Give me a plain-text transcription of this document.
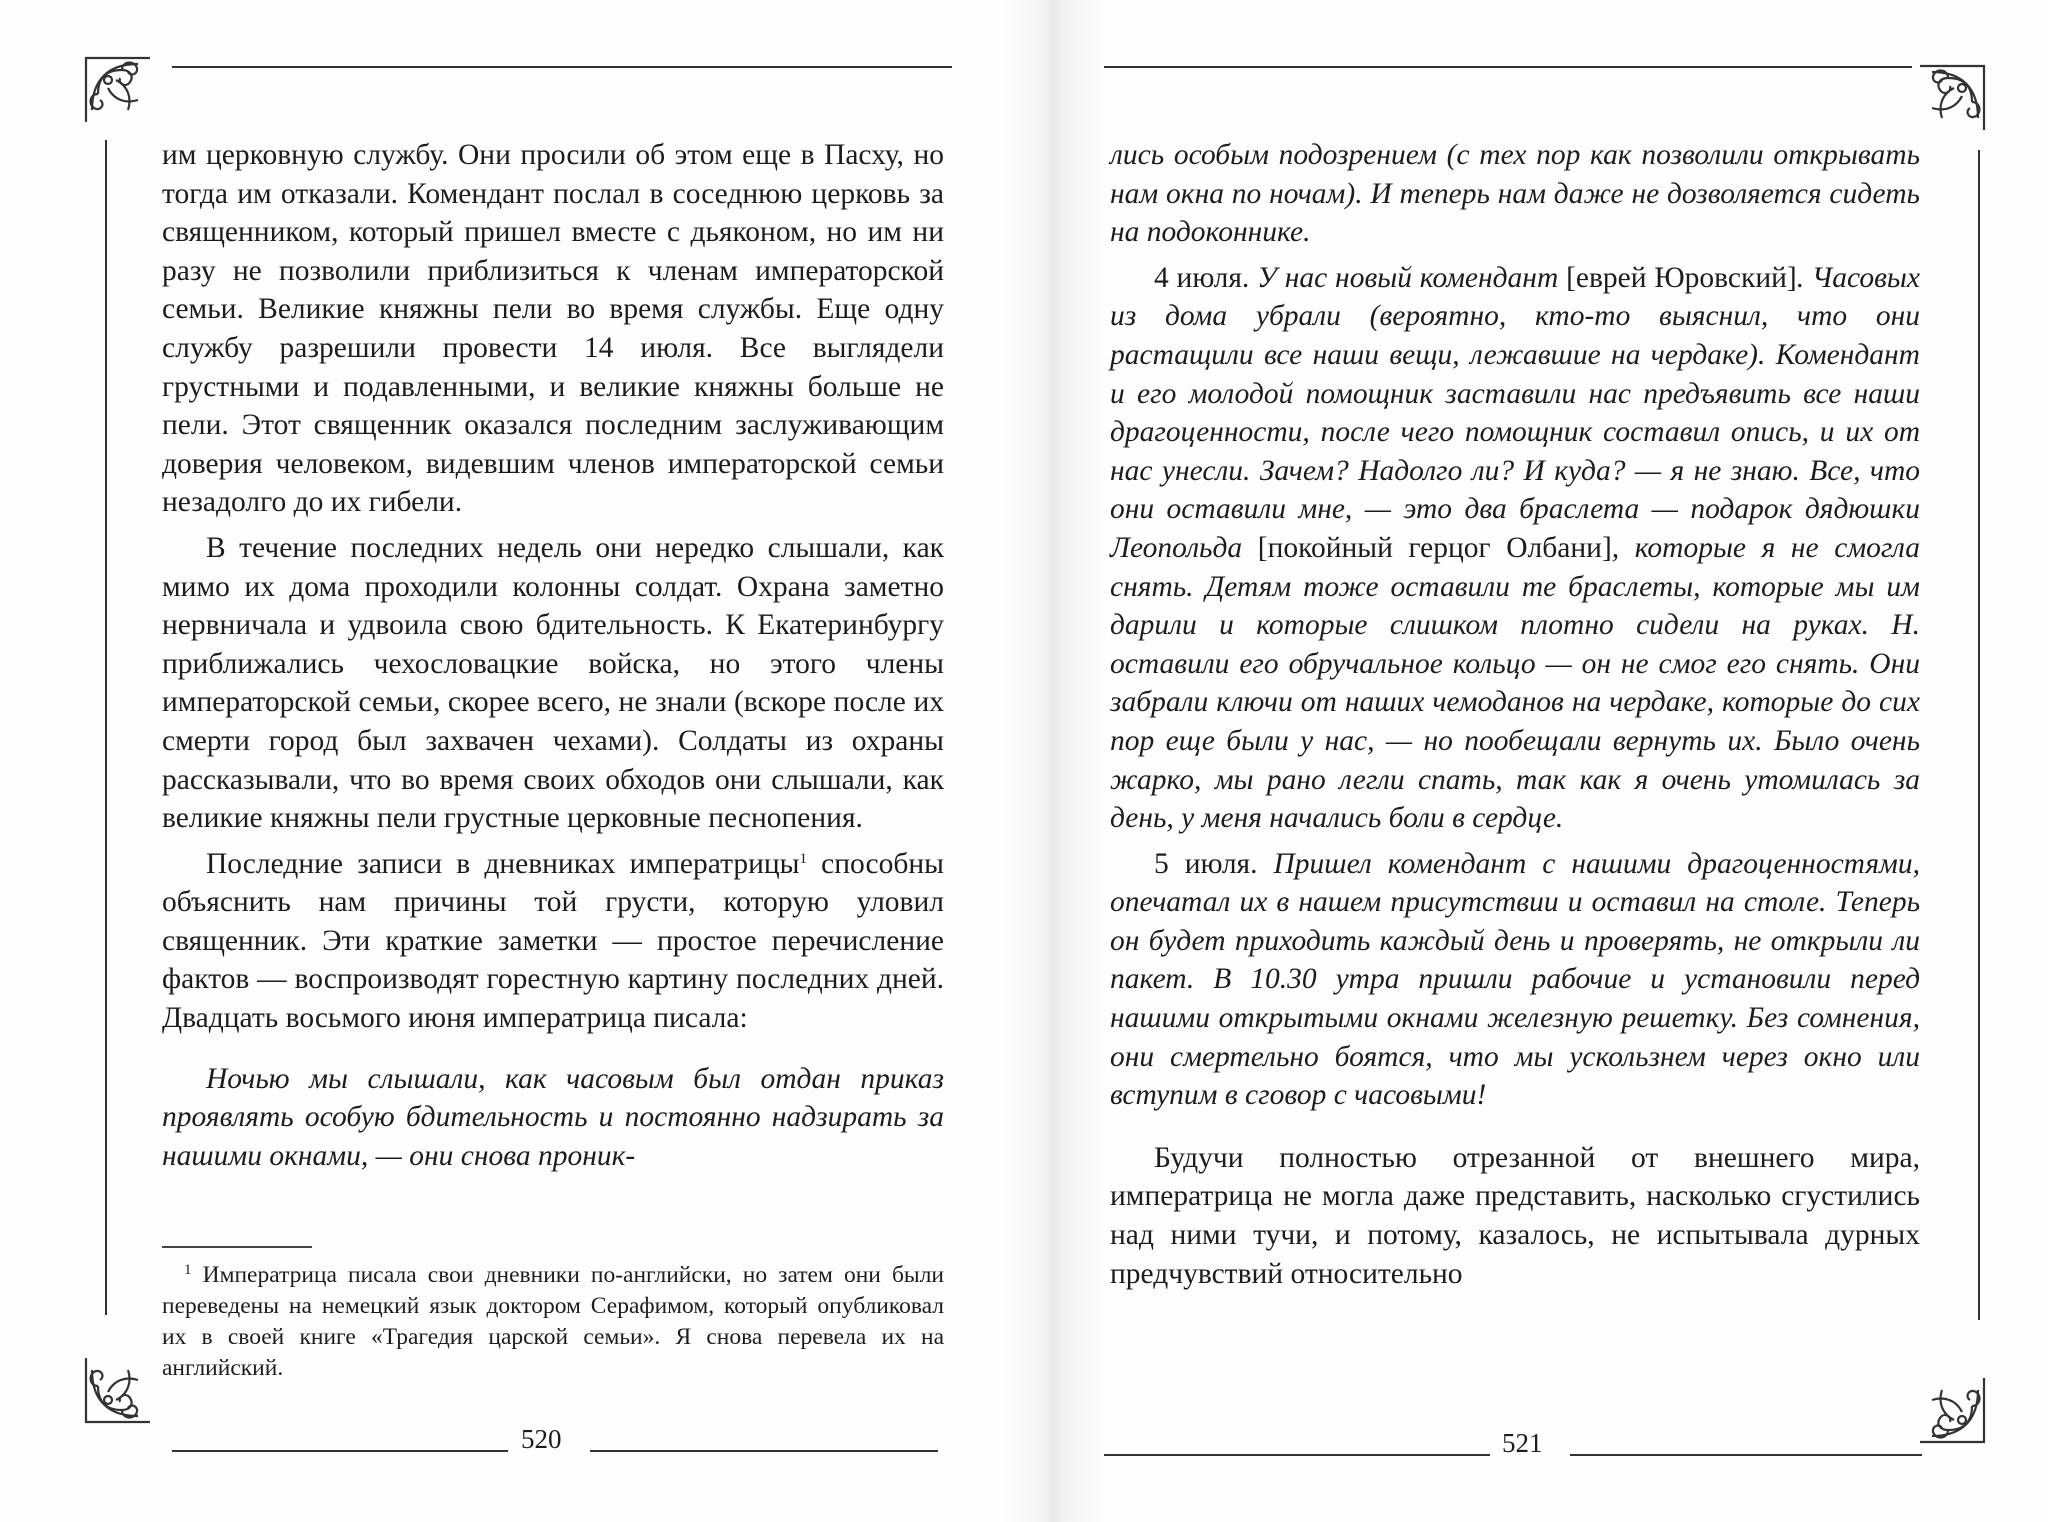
им церковную службу. Они просили об этом еще в Пасху, но тогда им отказали. Комендант послал в соседнюю церковь за священником, который пришел вместе с дьяконом, но им ни разу не позволили приблизиться к членам императорской семьи. Великие княжны пели во время службы. Еще одну службу разрешили провести 14 июля. Все выглядели грустными и подавленными, и великие княжны больше не пели. Этот священник оказался последним заслуживающим доверия человеком, видевшим членов императорской семьи незадолго до их гибели.

В течение последних недель они нередко слышали, как мимо их дома проходили колонны солдат. Охрана заметно нервничала и удвоила свою бдительность. К Екатеринбургу приближались чехословацкие войска, но этого члены императорской семьи, скорее всего, не знали (вскоре после их смерти город был захвачен чехами). Солдаты из охраны рассказывали, что во время своих обходов они слышали, как великие княжны пели грустные церковные песнопения.

Последние записи в дневниках императрицы$^1$ способны объяснить нам причины той грусти, которую уловил священник. Эти краткие заметки — простое перечисление фактов — воспроизводят горестную картину последних дней. Двадцать восьмого июня императрица писала:

Ночью мы слышали, как часовым был отдан приказ проявлять особую бдительность и постоянно надзирать за нашими окнами, — они снова проник-

$^1$ Императрица писала свои дневники по-английски, но затем они были переведены на немецкий язык доктором Серафимом, который опубликовал их в своей книге «Трагедия царской семьи». Я снова перевела их на английский.
520

лись особым подозрением (с тех пор как позволили открывать нам окна по ночам). И теперь нам даже не дозволяется сидеть на подоконнике.

4 июля. У нас новый комендант [еврей Юровский]. Часовых из дома убрали (вероятно, кто-то выяснил, что они растащили все наши вещи, лежавшие на чердаке). Комендант и его молодой помощник заставили нас предъявить все наши драгоценности, после чего помощник составил опись, и их от нас унесли. Зачем? Надолго ли? И куда? — я не знаю. Все, что они оставили мне, — это два браслета — подарок дядюшки Леопольда [покойный герцог Олбани], которые я не смогла снять. Детям тоже оставили те браслеты, которые мы им дарили и которые слишком плотно сидели на руках. Н. оставили его обручальное кольцо — он не смог его снять. Они забрали ключи от наших чемоданов на чердаке, которые до сих пор еще были у нас, — но пообещали вернуть их. Было очень жарко, мы рано легли спать, так как я очень утомилась за день, у меня начались боли в сердце.

5 июля. Пришел комендант с нашими драгоценностями, опечатал их в нашем присутствии и оставил на столе. Теперь он будет приходить каждый день и проверять, не открыли ли пакет. В 10.30 утра пришли рабочие и установили перед нашими открытыми окнами железную решетку. Без сомнения, они смертельно боятся, что мы ускользнем через окно или вступим в сговор с часовыми!

Будучи полностью отрезанной от внешнего мира, императрица не могла даже представить, насколько сгустились над ними тучи, и потому, казалось, не испытывала дурных предчувствий относительно

521
